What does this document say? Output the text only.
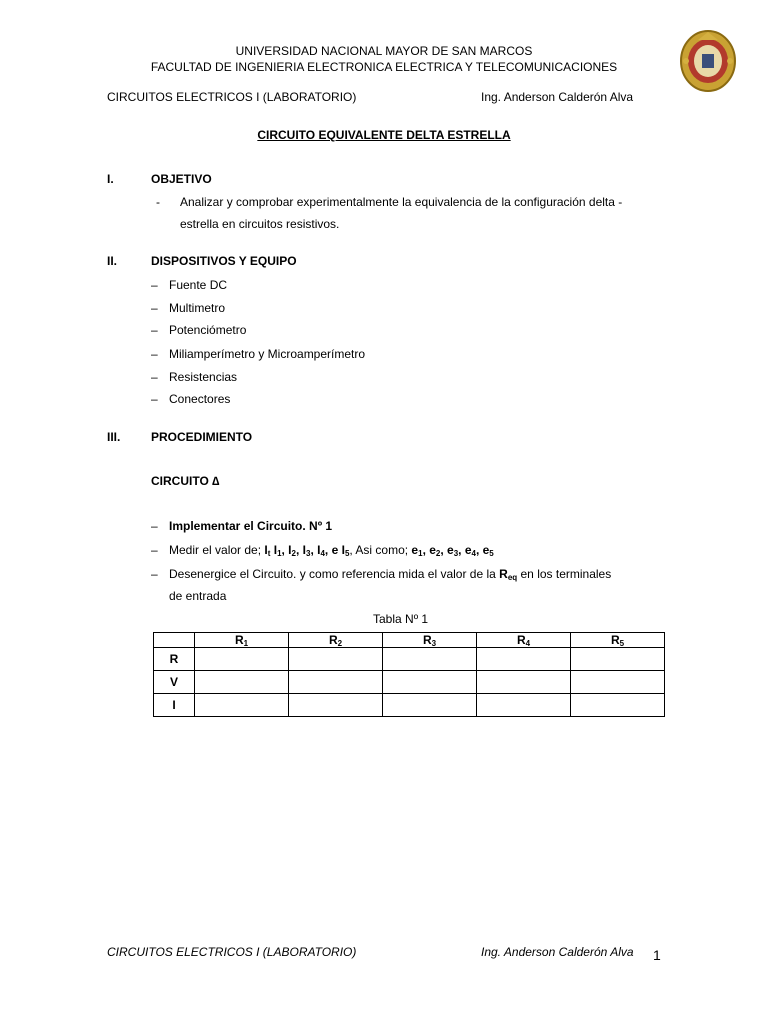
UNIVERSIDAD NACIONAL MAYOR DE SAN MARCOS
FACULTAD DE INGENIERIA ELECTRONICA ELECTRICA Y TELECOMUNICACIONES
CIRCUITOS ELECTRICOS I (LABORATORIO)	Ing. Anderson Calderón Alva
CIRCUITO EQUIVALENTE DELTA ESTRELLA
I.	OBJETIVO
- Analizar y comprobar experimentalmente la equivalencia de la configuración delta -
estrella en circuitos resistivos.
II.	DISPOSITIVOS Y EQUIPO
– Fuente DC
– Multimetro
– Potenciómetro
– Miliamperímetro y Microamperímetro
– Resistencias
– Conectores
III.	PROCEDIMIENTO
CIRCUITO ∆
– Implementar el Circuito. Nº 1
– Medir el valor de; $I_t$ $I_1$, $I_2$, $I_3$, $I_4$, e $I_5$, Asi como; $e_1$, $e_2$, $e_3$, $e_4$, $e_5$
– Desenergice el Circuito. y como referencia mida el valor de la $R_{eq}$ en los terminales
de entrada
Tabla Nº 1
	$R_1$	$R_2$	$R_3$	$R_4$	$R_5$
R					
V					
I					
CIRCUITOS ELECTRICOS I (LABORATORIO)	Ing. Anderson Calderón Alva 1
